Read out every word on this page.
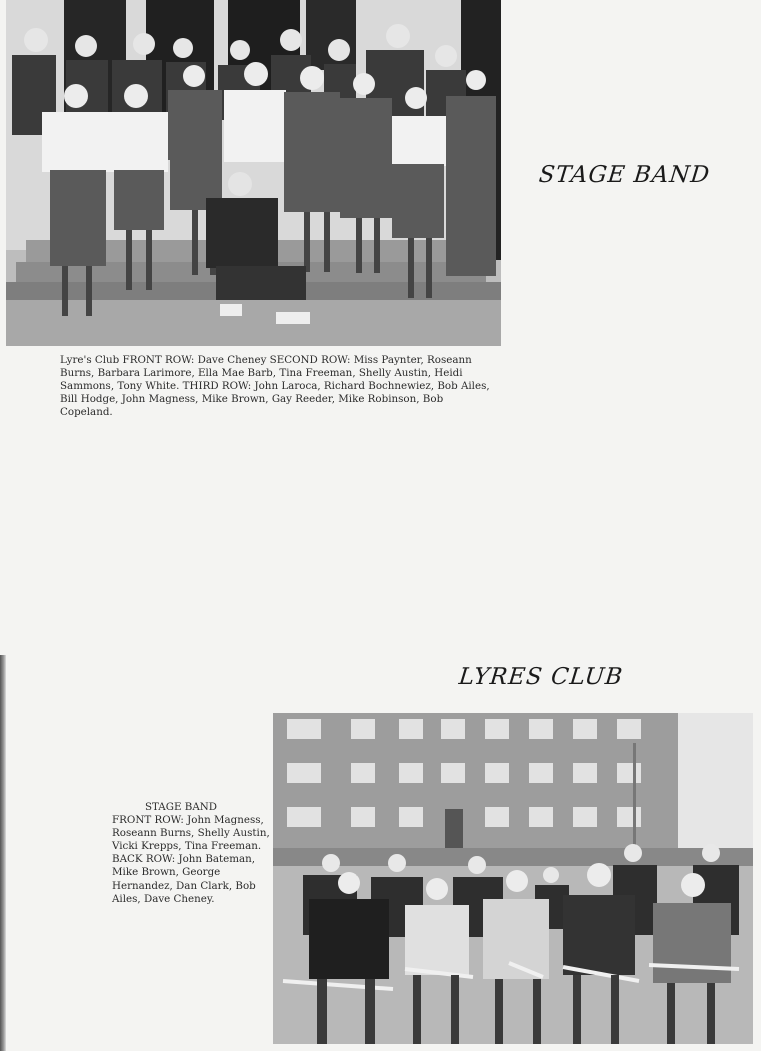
STAGE BAND

Lyre's Club FRONT ROW: Dave Cheney SECOND ROW: Miss Paynter, Roseann Burns, Barbara Larimore, Ella Mae Barb, Tina Freeman, Shelly Austin, Heidi Sammons, Tony White. THIRD ROW: John Laroca, Richard Bochnewiez, Bob Ailes, Bill Hodge, John Magness, Mike Brown, Gay Reeder, Mike Robinson, Bob Copeland.

LYRES CLUB

STAGE BAND

FRONT ROW: John Magness, Roseann Burns, Shelly Austin, Vicki Krepps, Tina Freeman. BACK ROW: John Bateman, Mike Brown, George Hernandez, Dan Clark, Bob Ailes, Dave Cheney.
